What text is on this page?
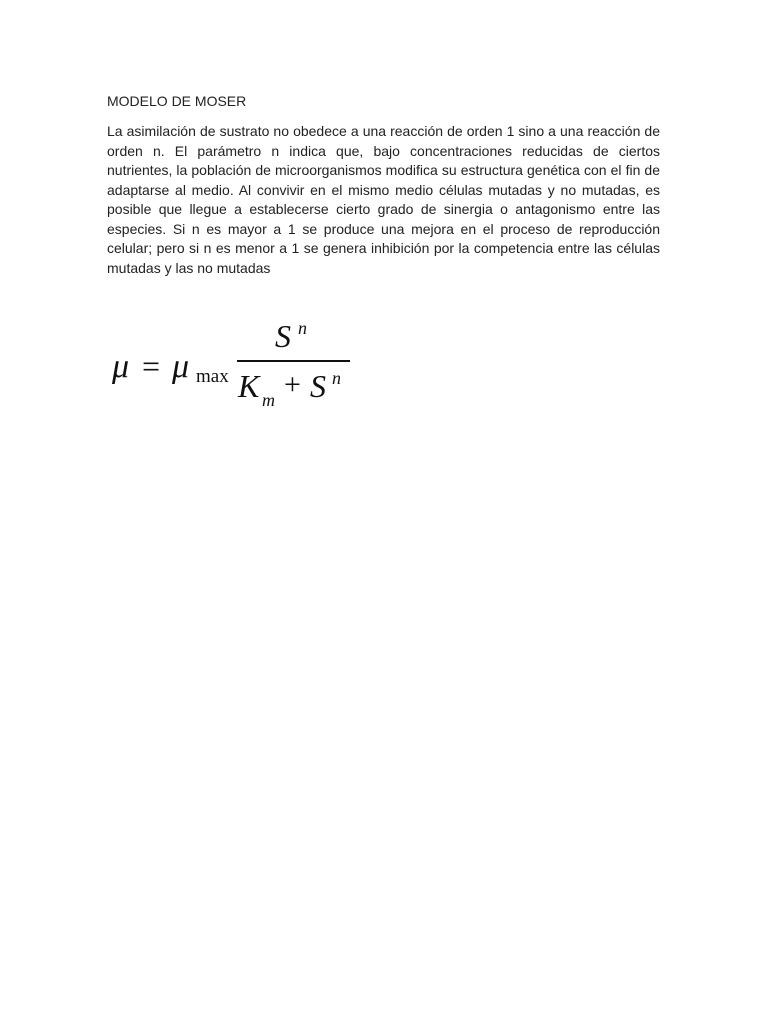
MODELO DE MOSER

La asimilación de sustrato no obedece a una reacción de orden 1 sino a una reacción de orden n. El parámetro n indica que, bajo concentraciones reducidas de ciertos nutrientes, la población de microorganismos modifica su estructura genética con el fin de adaptarse al medio. Al convivir en el mismo medio células mutadas y no mutadas, es posible que llegue a establecerse cierto grado de sinergia o antagonismo entre las especies. Si n es mayor a 1 se produce una mejora en el proceso de reproducción celular; pero si n es menor a 1 se genera inhibición por la competencia entre las células mutadas y las no mutadas

μ = μ max
S n
K m + S n
